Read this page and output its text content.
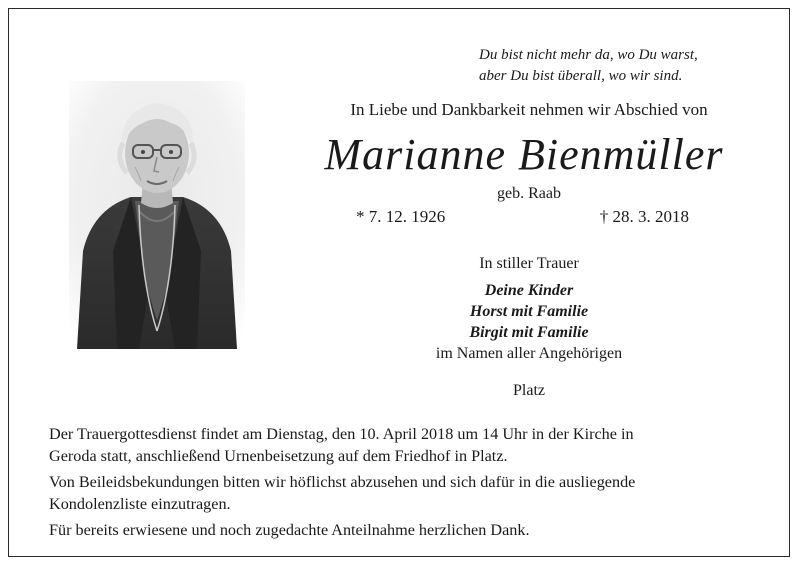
Du bist nicht mehr da, wo Du warst,
aber Du bist überall, wo wir sind.
In Liebe und Dankbarkeit nehmen wir Abschied von
Marianne Bienmüller
geb. Raab
* 7. 12. 1926	† 28. 3. 2018
In stiller Trauer
Deine Kinder
Horst mit Familie
Birgit mit Familie
im Namen aller Angehörigen
Platz

Der Trauergottesdienst findet am Dienstag, den 10. April 2018 um 14 Uhr in der Kirche in
Geroda statt, anschließend Urnenbeisetzung auf dem Friedhof in Platz.

Von Beileidsbekundungen bitten wir höflichst abzusehen und sich dafür in die ausliegende
Kondolenzliste einzutragen.

Für bereits erwiesene und noch zugedachte Anteilnahme herzlichen Dank.
